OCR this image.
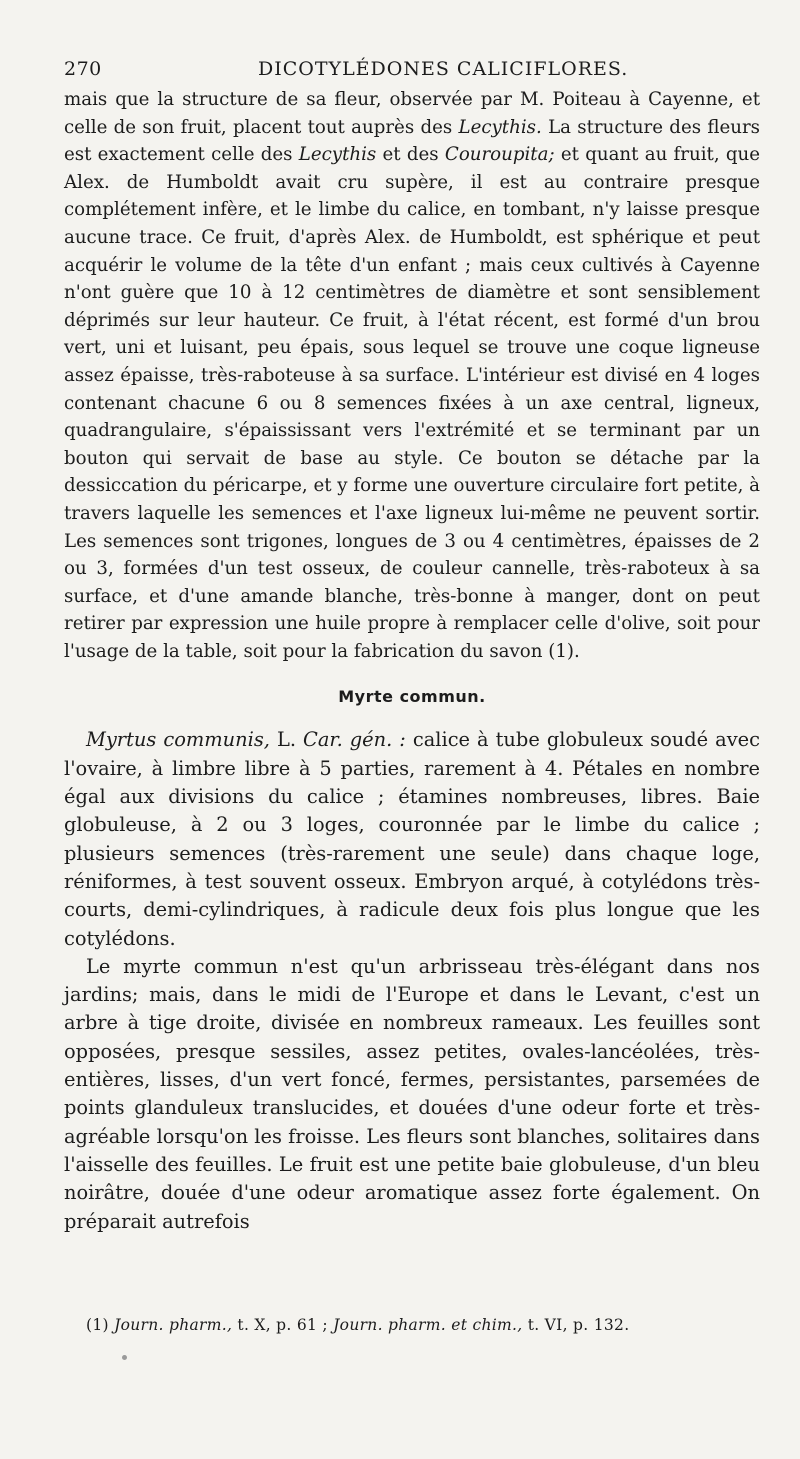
270	DICOTYLÉDONES CALICIFLORES.

mais que la structure de sa fleur, observée par M. Poiteau à Cayenne, et celle de son fruit, placent tout auprès des Lecythis. La structure des fleurs est exactement celle des Lecythis et des Couroupita; et quant au fruit, que Alex. de Humboldt avait cru supère, il est au contraire presque complétement infère, et le limbe du calice, en tombant, n'y laisse presque aucune trace. Ce fruit, d'après Alex. de Humboldt, est sphérique et peut acquérir le volume de la tête d'un enfant ; mais ceux cultivés à Cayenne n'ont guère que 10 à 12 centimètres de diamètre et sont sensiblement déprimés sur leur hauteur. Ce fruit, à l'état récent, est formé d'un brou vert, uni et luisant, peu épais, sous lequel se trouve une coque ligneuse assez épaisse, très-raboteuse à sa surface. L'intérieur est divisé en 4 loges contenant chacune 6 ou 8 semences fixées à un axe central, ligneux, quadrangulaire, s'épaississant vers l'extrémité et se terminant par un bouton qui servait de base au style. Ce bouton se détache par la dessiccation du péricarpe, et y forme une ouverture circulaire fort petite, à travers laquelle les semences et l'axe ligneux lui-même ne peuvent sortir. Les semences sont trigones, longues de 3 ou 4 centimètres, épaisses de 2 ou 3, formées d'un test osseux, de couleur cannelle, très-raboteux à sa surface, et d'une amande blanche, très-bonne à manger, dont on peut retirer par expression une huile propre à remplacer celle d'olive, soit pour l'usage de la table, soit pour la fabrication du savon (1).

Myrte commun.

Myrtus communis, L. Car. gén. : calice à tube globuleux soudé avec l'ovaire, à limbre libre à 5 parties, rarement à 4. Pétales en nombre égal aux divisions du calice ; étamines nombreuses, libres. Baie globuleuse, à 2 ou 3 loges, couronnée par le limbe du calice ; plusieurs semences (très-rarement une seule) dans chaque loge, réniformes, à test souvent osseux. Embryon arqué, à cotylédons très-courts, demi-cylindriques, à radicule deux fois plus longue que les cotylédons.

Le myrte commun n'est qu'un arbrisseau très-élégant dans nos jardins; mais, dans le midi de l'Europe et dans le Levant, c'est un arbre à tige droite, divisée en nombreux rameaux. Les feuilles sont opposées, presque sessiles, assez petites, ovales-lancéolées, très-entières, lisses, d'un vert foncé, fermes, persistantes, parsemées de points glanduleux translucides, et douées d'une odeur forte et très-agréable lorsqu'on les froisse. Les fleurs sont blanches, solitaires dans l'aisselle des feuilles. Le fruit est une petite baie globuleuse, d'un bleu noirâtre, douée d'une odeur aromatique assez forte également. On préparait autrefois

(1) Journ. pharm., t. X, p. 61 ; Journ. pharm. et chim., t. VI, p. 132.
